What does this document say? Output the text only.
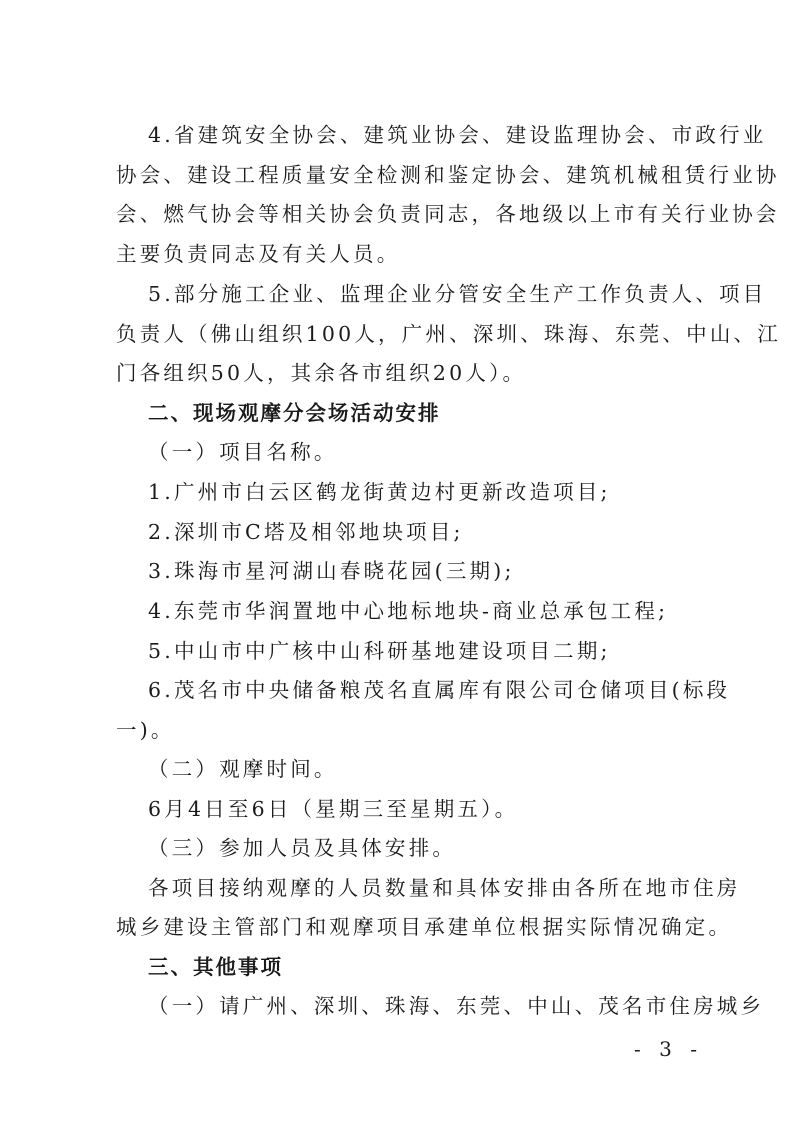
4.省建筑安全协会、建筑业协会、建设监理协会、市政行业
协会、建设工程质量安全检测和鉴定协会、建筑机械租赁行业协
会、燃气协会等相关协会负责同志，各地级以上市有关行业协会
主要负责同志及有关人员。
5.部分施工企业、监理企业分管安全生产工作负责人、项目
负责人（佛山组织100人，广州、深圳、珠海、东莞、中山、江
门各组织50人，其余各市组织20人）。
二、现场观摩分会场活动安排
（一）项目名称。
1.广州市白云区鹤龙街黄边村更新改造项目;
2.深圳市C塔及相邻地块项目;
3.珠海市星河湖山春晓花园(三期);
4.东莞市华润置地中心地标地块-商业总承包工程;
5.中山市中广核中山科研基地建设项目二期;
6.茂名市中央储备粮茂名直属库有限公司仓储项目(标段
一)。
（二）观摩时间。
6月4日至6日（星期三至星期五）。
（三）参加人员及具体安排。
各项目接纳观摩的人员数量和具体安排由各所在地市住房
城乡建设主管部门和观摩项目承建单位根据实际情况确定。
三、其他事项
（一）请广州、深圳、珠海、东莞、中山、茂名市住房城乡
- 3 -
